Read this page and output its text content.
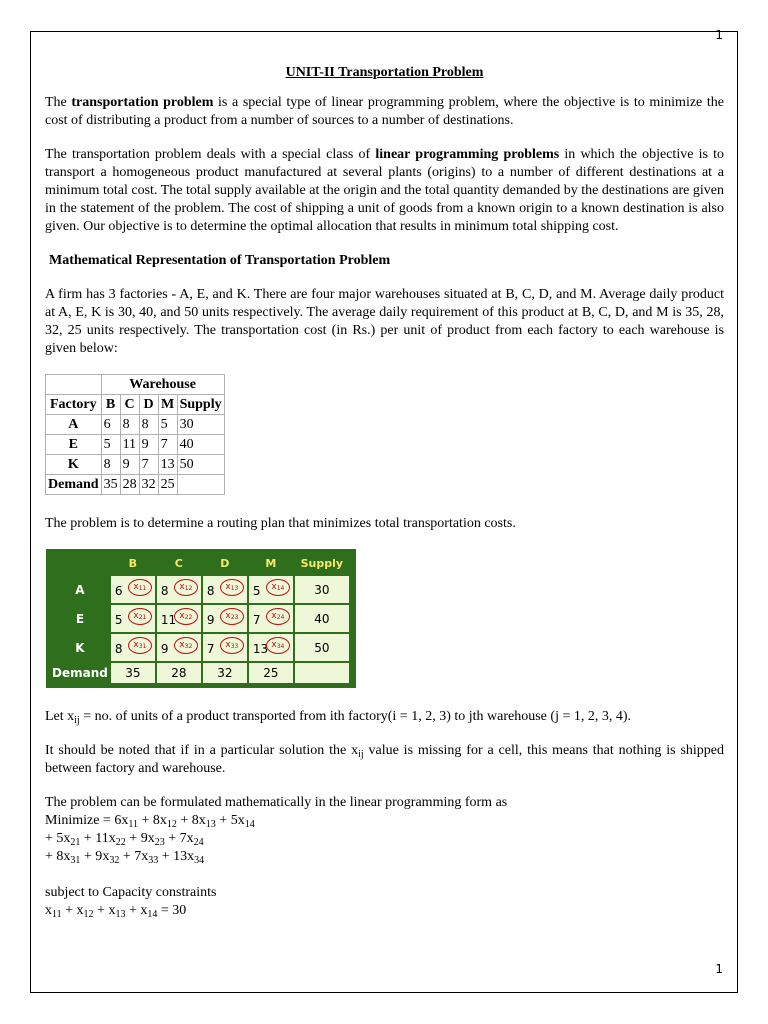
1
UNIT-II Transportation Problem

The transportation problem is a special type of linear programming problem, where the objective is to minimize the cost of distributing a product from a number of sources to a number of destinations.

The transportation problem deals with a special class of linear programming problems in which the objective is to transport a homogeneous product manufactured at several plants (origins) to a number of different destinations at a minimum total cost. The total supply available at the origin and the total quantity demanded by the destinations are given in the statement of the problem. The cost of shipping a unit of goods from a known origin to a known destination is also given. Our objective is to determine the optimal allocation that results in minimum total shipping cost.

Mathematical Representation of Transportation Problem

A firm has 3 factories - A, E, and K. There are four major warehouses situated at B, C, D, and M. Average daily product at A, E, K is 30, 40, and 50 units respectively. The average daily requirement of this product at B, C, D, and M is 35, 28, 32, 25 units respectively. The transportation cost (in Rs.) per unit of product from each factory to each warehouse is given below:

	Warehouse				
Factory	B	C	D	M	Supply
A	6	8	8	5	30
E	5	11	9	7	40
K	8	9	7	13	50
Demand	35	28	32	25	

The problem is to determine a routing plan that minimizes total transportation costs.

	B	C	D	M	Supply
A	6 $x_{11}$	8 $x_{12}$	8 $x_{13}$	5 $x_{14}$	30
E	5 $x_{21}$	11 $x_{22}$	9 $x_{23}$	7 $x_{24}$	40
K	8 $x_{31}$	9 $x_{32}$	7 $x_{33}$	13 $x_{34}$	50
Demand	35	28	32	25	

Let $x_{ij}$ = no. of units of a product transported from ith factory(i = 1, 2, 3) to jth warehouse (j = 1, 2, 3, 4).

It should be noted that if in a particular solution the $x_{ij}$ value is missing for a cell, this means that nothing is shipped between factory and warehouse.

The problem can be formulated mathematically in the linear programming form as
Minimize = $6x_{11} + 8x_{12} + 8x_{13} + 5x_{14}$
+ $5x_{21} + 11x_{22} + 9x_{23} + 7x_{24}$
+ $8x_{31} + 9x_{32} + 7x_{33} + 13x_{34}$
subject to Capacity constraints
$x_{11} + x_{12} + x_{13} + x_{14} = 30$
1
